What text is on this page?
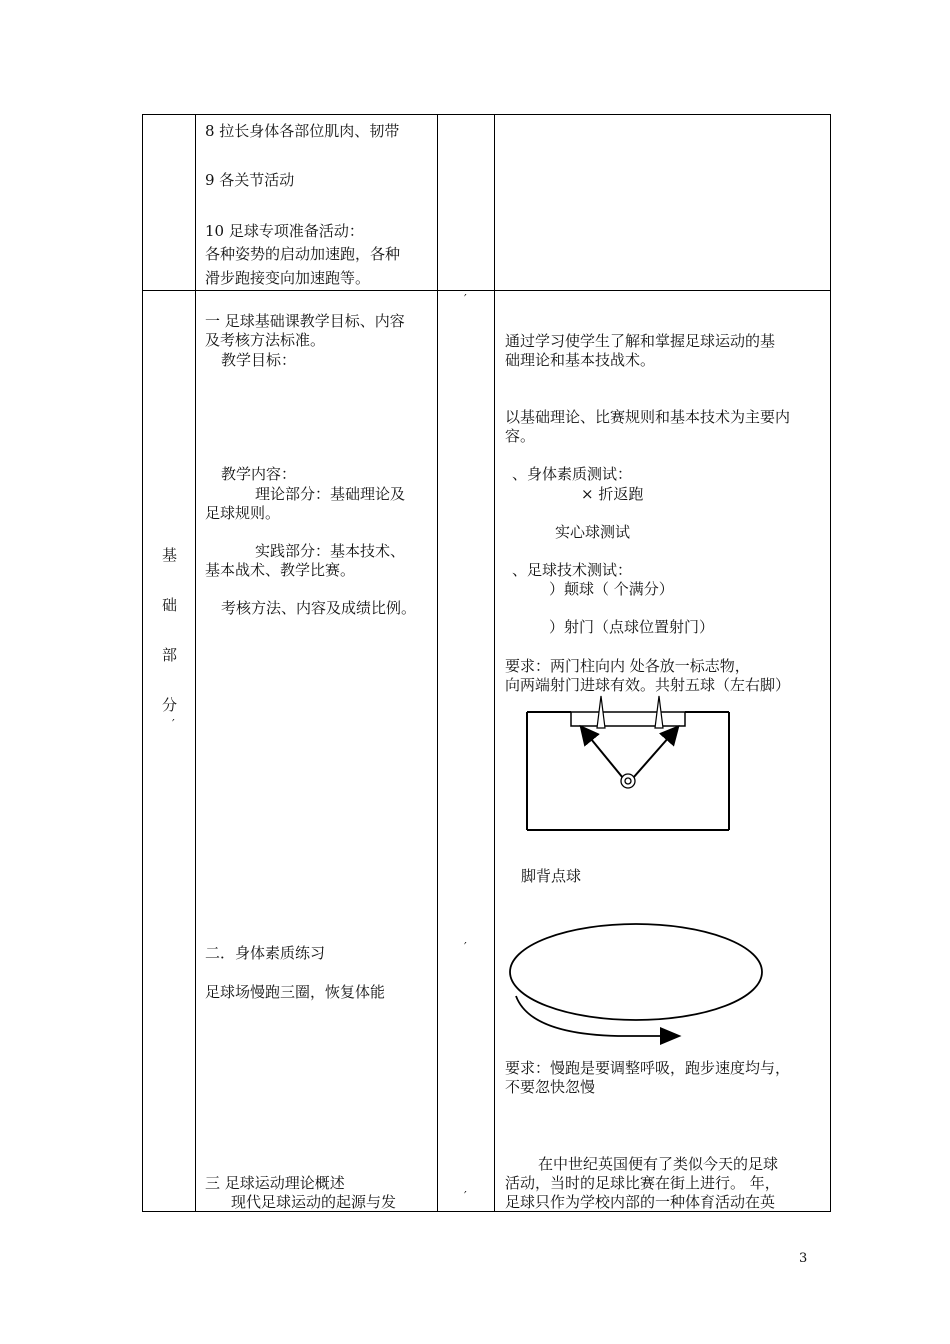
8 拉长身体各部位肌肉、韧带
9 各关节活动
10 足球专项准备活动：
各种姿势的启动加速跑，各种
滑步跑接变向加速跑等。
基
础
部
分
′
一 足球基础课教学目标、内容
及考核方法标准。
教学目标：
教学内容：
理论部分：基础理论及
足球规则。
实践部分：基本技术、
基本战术、教学比赛。
考核方法、内容及成绩比例。
二．身体素质练习
足球场慢跑三圈，恢复体能
三 足球运动理论概述
现代足球运动的起源与发
′
′
′
通过学习使学生了解和掌握足球运动的基
础理论和基本技战术。
以基础理论、比赛规则和基本技术为主要内
容。
、身体素质测试：
× 折返跑
实心球测试
、足球技术测试：
）颠球（ 个满分）
）射门（点球位置射门）
要求：两门柱向内 处各放一标志物，
向两端射门进球有效。共射五球（左右脚）
脚背点球
要求：慢跑是要调整呼吸，跑步速度均与，
不要忽快忽慢
在中世纪英国便有了类似今天的足球
活动，当时的足球比赛在街上进行。 年，
足球只作为学校内部的一种体育活动在英
3
